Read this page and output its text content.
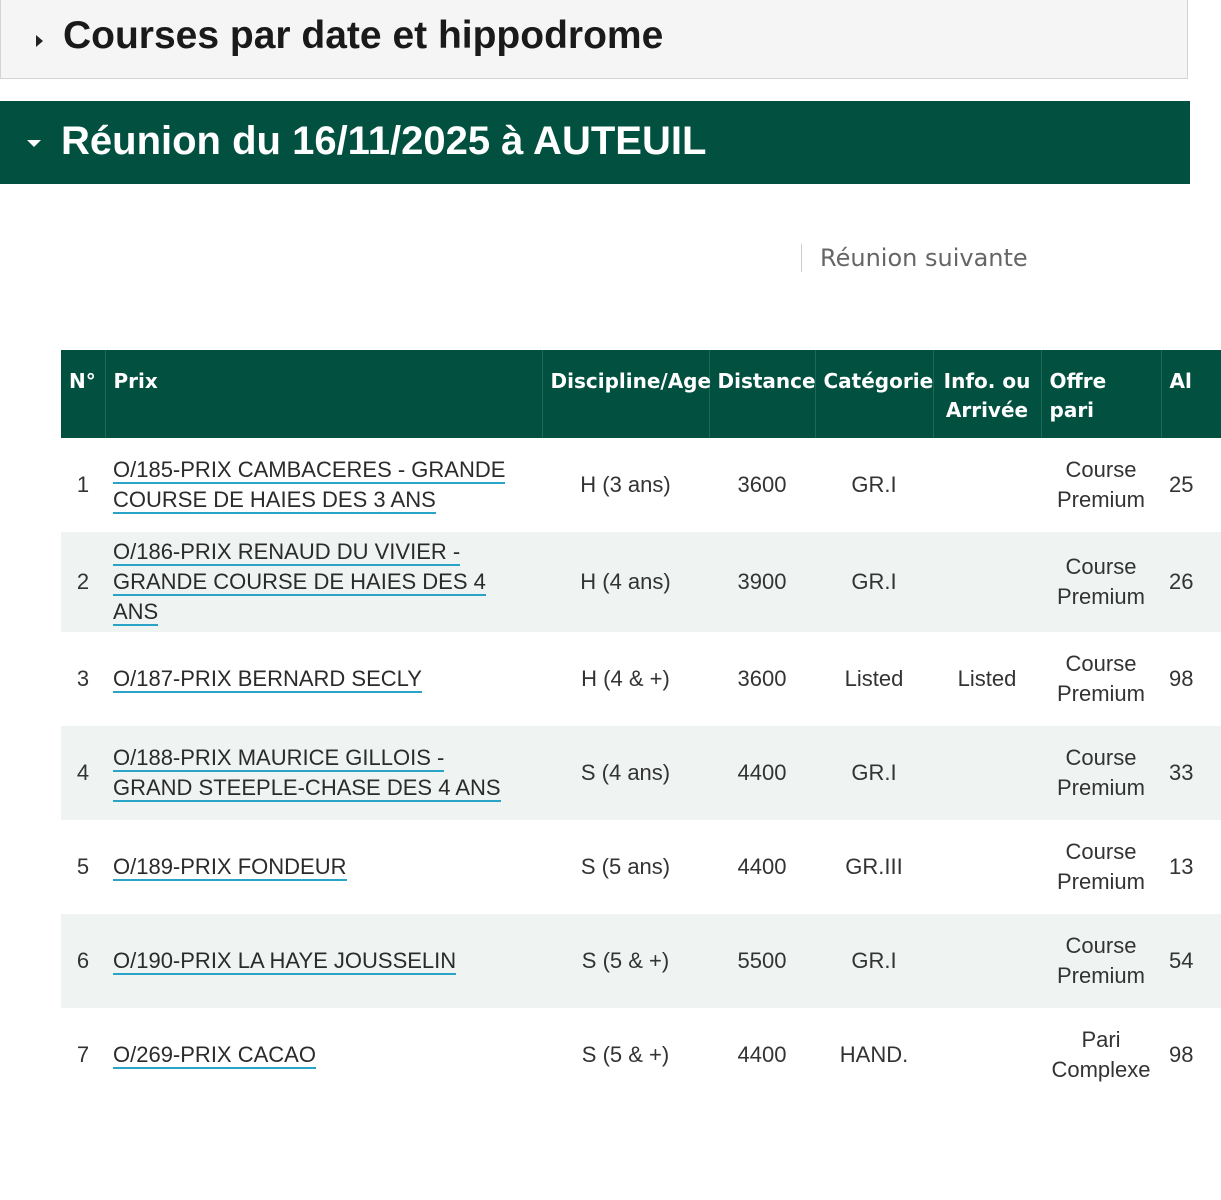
Courses par date et hippodrome
Réunion du 16/11/2025 à AUTEUIL
Réunion suivante
N°	Prix	Discipline/Age	Distance	Catégorie	Info. ou Arrivée	Offre pari	Al
1	O/185-PRIX CAMBACERES - GRANDE COURSE DE HAIES DES 3 ANS	H (3 ans)	3600	GR.I		Course Premium	25
2	O/186-PRIX RENAUD DU VIVIER - GRANDE COURSE DE HAIES DES 4 ANS	H (4 ans)	3900	GR.I		Course Premium	26
3	O/187-PRIX BERNARD SECLY	H (4 & +)	3600	Listed	Listed	Course Premium	98
4	O/188-PRIX MAURICE GILLOIS - GRAND STEEPLE-CHASE DES 4 ANS	S (4 ans)	4400	GR.I		Course Premium	33
5	O/189-PRIX FONDEUR	S (5 ans)	4400	GR.III		Course Premium	13
6	O/190-PRIX LA HAYE JOUSSELIN	S (5 & +)	5500	GR.I		Course Premium	54
7	O/269-PRIX CACAO	S (5 & +)	4400	HAND.		Pari Complexe	98
